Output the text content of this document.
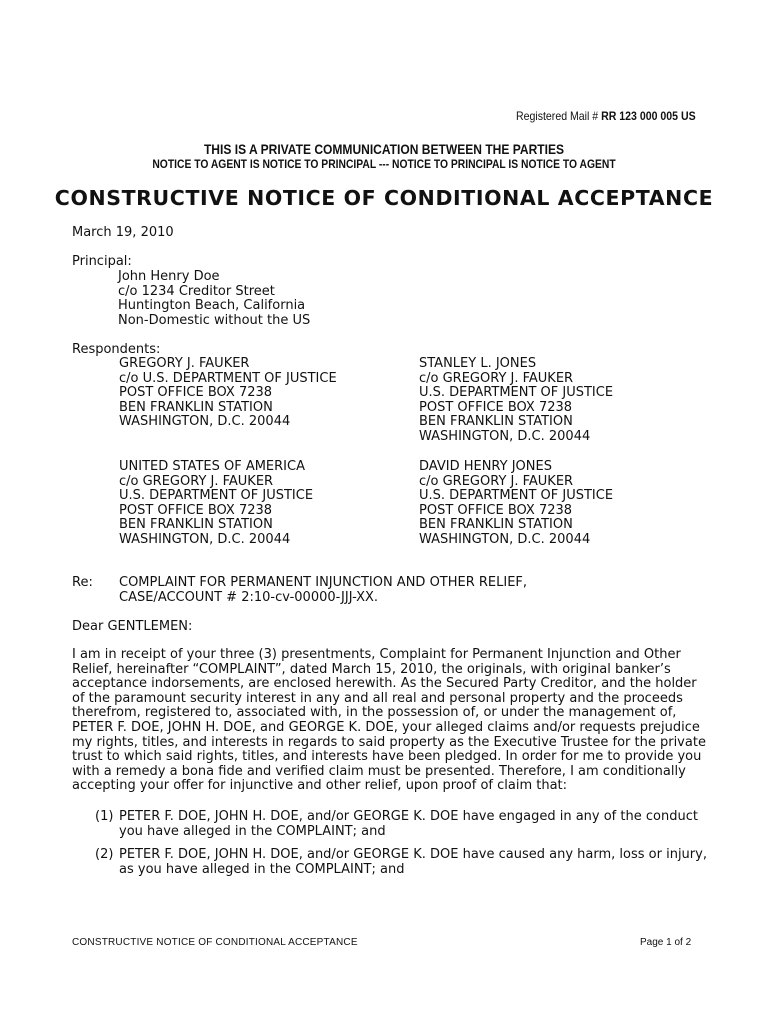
Registered Mail # RR 123 000 005 US

THIS IS A PRIVATE COMMUNICATION BETWEEN THE PARTIES

NOTICE TO AGENT IS NOTICE TO PRINCIPAL --- NOTICE TO PRINCIPAL IS NOTICE TO AGENT

CONSTRUCTIVE NOTICE OF CONDITIONAL ACCEPTANCE

March 19, 2010

Principal:

John Henry Doe
c/o 1234 Creditor Street
Huntington Beach, California
Non-Domestic without the US

Respondents:

GREGORY J. FAUKER
c/o U.S. DEPARTMENT OF JUSTICE
POST OFFICE BOX 7238
BEN FRANKLIN STATION
WASHINGTON, D.C. 20044
STANLEY L. JONES
c/o GREGORY J. FAUKER
U.S. DEPARTMENT OF JUSTICE
POST OFFICE BOX 7238
BEN FRANKLIN STATION
WASHINGTON, D.C. 20044
UNITED STATES OF AMERICA
c/o GREGORY J. FAUKER
U.S. DEPARTMENT OF JUSTICE
POST OFFICE BOX 7238
BEN FRANKLIN STATION
WASHINGTON, D.C. 20044
DAVID HENRY JONES
c/o GREGORY J. FAUKER
U.S. DEPARTMENT OF JUSTICE
POST OFFICE BOX 7238
BEN FRANKLIN STATION
WASHINGTON, D.C. 20044

Re: COMPLAINT FOR PERMANENT INJUNCTION AND OTHER RELIEF,
CASE/ACCOUNT # 2:10-cv-00000-JJJ-XX.

Dear GENTLEMEN:

I am in receipt of your three (3) presentments, Complaint for Permanent Injunction and Other
Relief, hereinafter “COMPLAINT”, dated March 15, 2010, the originals, with original banker’s
acceptance indorsements, are enclosed herewith. As the Secured Party Creditor, and the holder
of the paramount security interest in any and all real and personal property and the proceeds
therefrom, registered to, associated with, in the possession of, or under the management of,
PETER F. DOE, JOHN H. DOE, and GEORGE K. DOE, your alleged claims and/or requests prejudice
my rights, titles, and interests in regards to said property as the Executive Trustee for the private
trust to which said rights, titles, and interests have been pledged. In order for me to provide you
with a remedy a bona fide and verified claim must be presented. Therefore, I am conditionally
accepting your offer for injunctive and other relief, upon proof of claim that:

(1) PETER F. DOE, JOHN H. DOE, and/or GEORGE K. DOE have engaged in any of the conduct
you have alleged in the COMPLAINT; and

(2) PETER F. DOE, JOHN H. DOE, and/or GEORGE K. DOE have caused any harm, loss or injury,
as you have alleged in the COMPLAINT; and

CONSTRUCTIVE NOTICE OF CONDITIONAL ACCEPTANCE	Page 1 of 2
